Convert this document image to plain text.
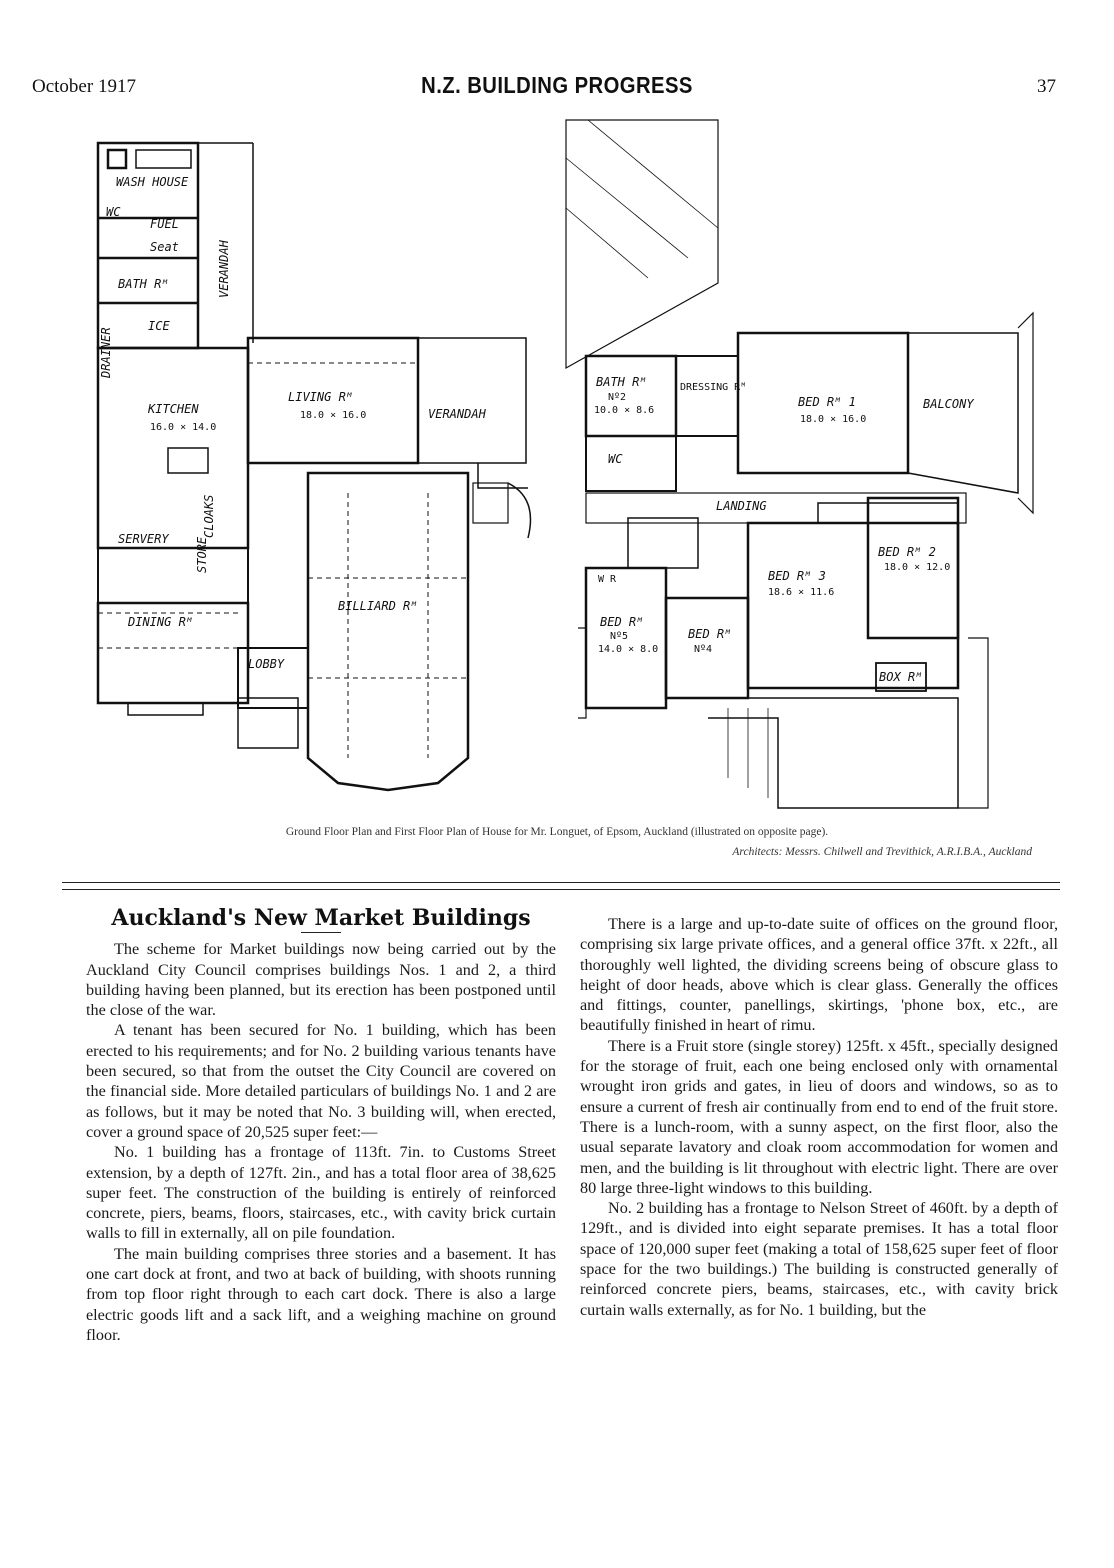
October 1917	N.Z. BUILDING PROGRESS	37
WASH HOUSE
WC
FUEL
Seat
BATH Rᴹ
ICE
DRAINER
VERANDAH
KITCHEN
16.0 × 14.0
LIVING Rᴹ
18.0 × 16.0	VERANDAH
SERVERY
CLOAKS
STORE
DINING Rᴹ
BILLIARD Rᴹ
LOBBY
BATH Rᴹ
Nº2
10.0 × 8.6
DRESSING Rᴹ
BED Rᴹ 1
18.0 × 16.0
BALCONY
WC
LANDING
BED Rᴹ 2
18.0 × 12.0
BED Rᴹ 3
18.6 × 11.6
BED Rᴹ
Nº5
14.0 × 8.0
BED Rᴹ
Nº4
BOX Rᴹ
W R
Ground Floor Plan and First Floor Plan of House for Mr. Longuet, of Epsom, Auckland (illustrated on opposite page).
Architects: Messrs. Chilwell and Trevithick, A.R.I.B.A., Auckland
Auckland's New Market Buildings

The scheme for Market buildings now being carried out by the Auckland City Council comprises buildings Nos. 1 and 2, a third building having been planned, but its erection has been postponed until the close of the war.

A tenant has been secured for No. 1 building, which has been erected to his requirements; and for No. 2 building various tenants have been secured, so that from the outset the City Council are covered on the financial side. More detailed particulars of buildings No. 1 and 2 are as follows, but it may be noted that No. 3 building will, when erected, cover a ground space of 20,525 super feet:—

No. 1 building has a frontage of 113ft. 7in. to Customs Street extension, by a depth of 127ft. 2in., and has a total floor area of 38,625 super feet. The construction of the building is entirely of reinforced concrete, piers, beams, floors, staircases, etc., with cavity brick curtain walls to fill in externally, all on pile foundation.

The main building comprises three stories and a basement. It has one cart dock at front, and two at back of building, with shoots running from top floor right through to each cart dock. There is also a large electric goods lift and a sack lift, and a weighing machine on ground floor.

There is a large and up-to-date suite of offices on the ground floor, comprising six large private offices, and a general office 37ft. x 22ft., all thoroughly well lighted, the dividing screens being of obscure glass to height of door heads, above which is clear glass. Generally the offices and fittings, counter, panellings, skirtings, 'phone box, etc., are beautifully finished in heart of rimu.

There is a Fruit store (single storey) 125ft. x 45ft., specially designed for the storage of fruit, each one being enclosed only with ornamental wrought iron grids and gates, in lieu of doors and windows, so as to ensure a current of fresh air continually from end to end of the fruit store. There is a lunch-room, with a sunny aspect, on the first floor, also the usual separate lavatory and cloak room accommodation for women and men, and the building is lit throughout with electric light. There are over 80 large three-light windows to this building.

No. 2 building has a frontage to Nelson Street of 460ft. by a depth of 129ft., and is divided into eight separate premises. It has a total floor space of 120,000 super feet (making a total of 158,625 super feet of floor space for the two buildings.) The building is constructed generally of reinforced concrete piers, beams, staircases, etc., with cavity brick curtain walls externally, as for No. 1 building, but the
